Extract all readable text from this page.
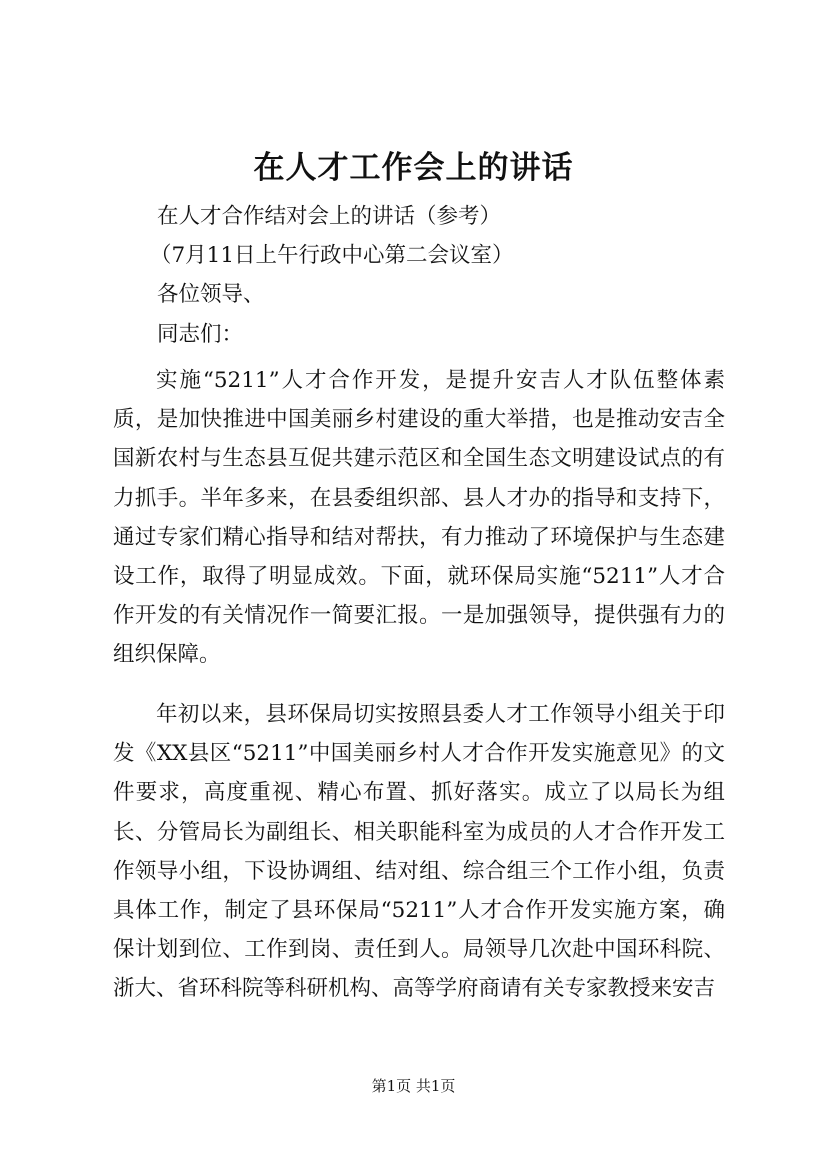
在人才工作会上的讲话
在人才合作结对会上的讲话（参考）
（7月11日上午行政中心第二会议室）
各位领导、
同志们：

实施“5211”人才合作开发，是提升安吉人才队伍整体素质，是加快推进中国美丽乡村建设的重大举措，也是推动安吉全国新农村与生态县互促共建示范区和全国生态文明建设试点的有力抓手。半年多来，在县委组织部、县人才办的指导和支持下，通过专家们精心指导和结对帮扶，有力推动了环境保护与生态建设工作，取得了明显成效。下面，就环保局实施“5211”人才合作开发的有关情况作一简要汇报。一是加强领导，提供强有力的组织保障。

年初以来，县环保局切实按照县委人才工作领导小组关于印发《XX县区“5211”中国美丽乡村人才合作开发实施意见》的文件要求，高度重视、精心布置、抓好落实。成立了以局长为组长、分管局长为副组长、相关职能科室为成员的人才合作开发工作领导小组，下设协调组、结对组、综合组三个工作小组，负责具体工作，制定了县环保局“5211”人才合作开发实施方案，确保计划到位、工作到岗、责任到人。局领导几次赴中国环科院、浙大、省环科院等科研机构、高等学府商请有关专家教授来安吉

第1页 共1页
